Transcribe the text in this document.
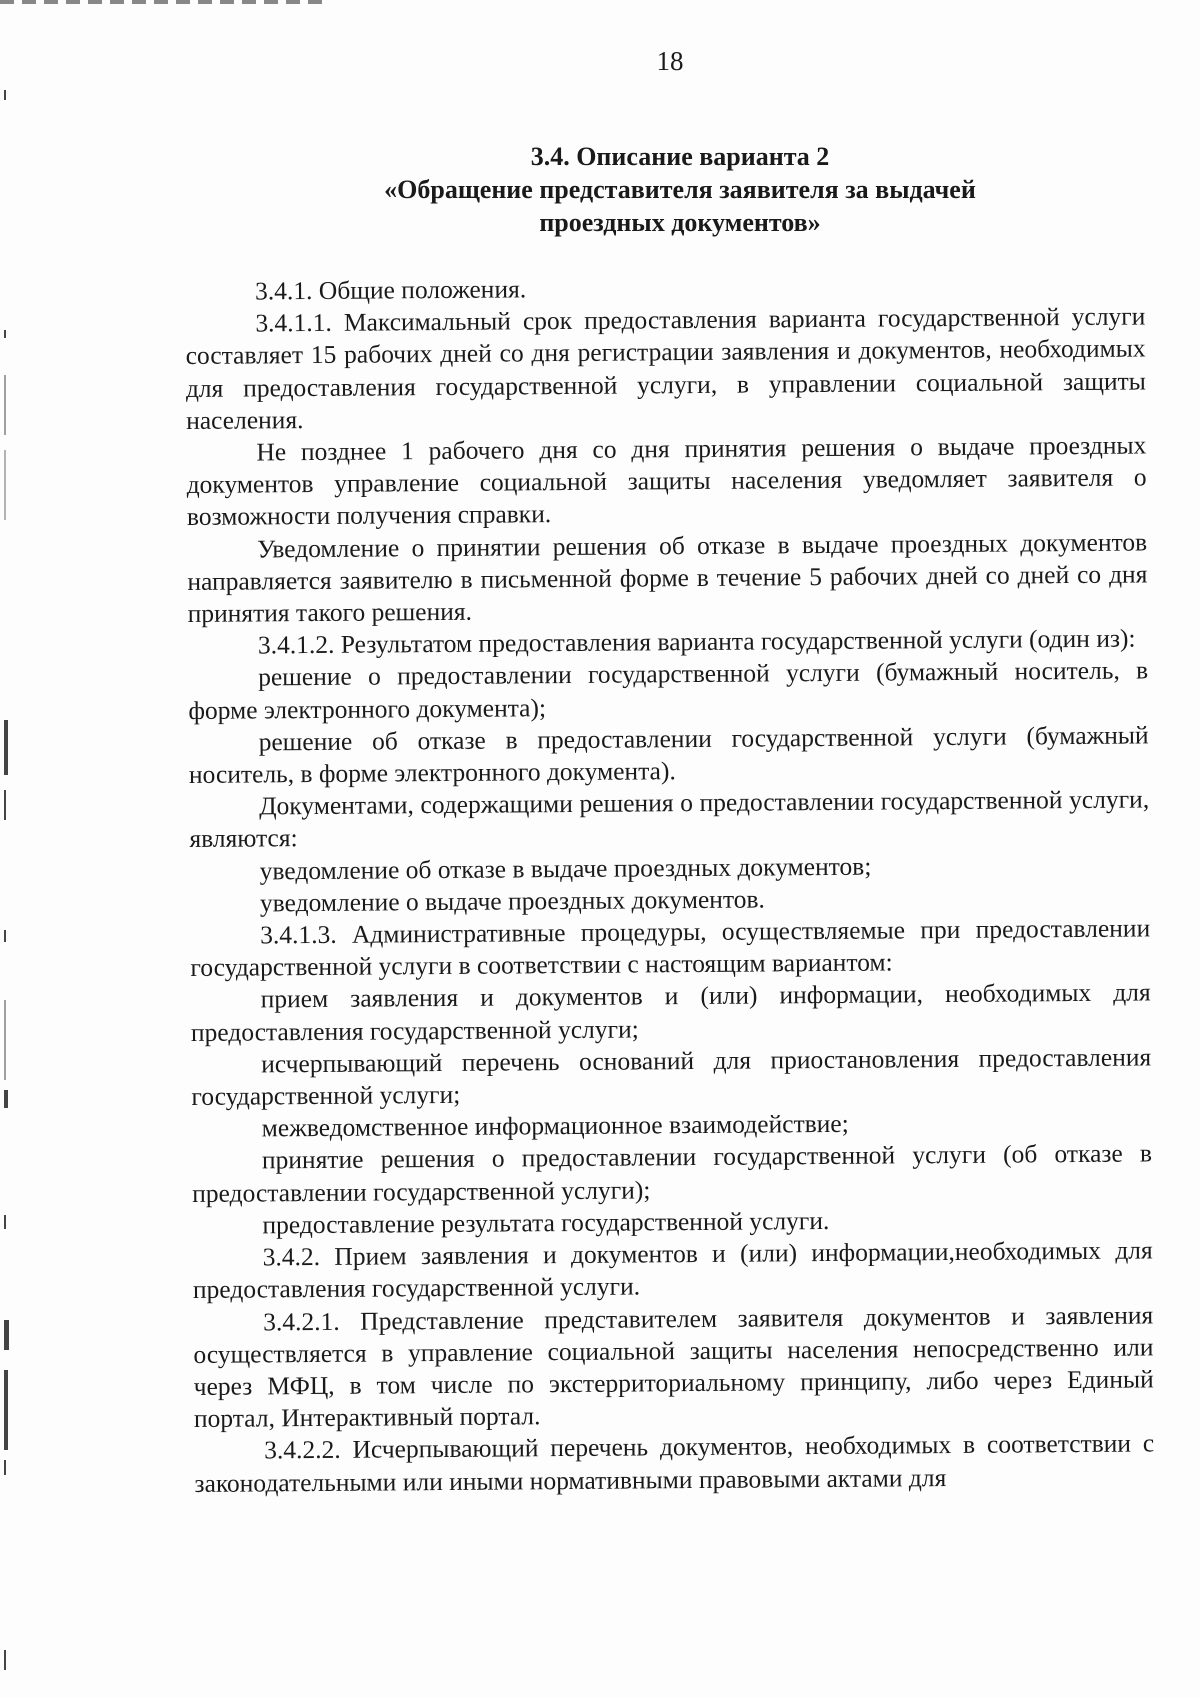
18
3.4. Описание варианта 2
«Обращение представителя заявителя за выдачей
проездных документов»

3.4.1. Общие положения.

3.4.1.1. Максимальный срок предоставления варианта государственной услуги составляет 15 рабочих дней со дня регистрации заявления и документов, необходимых для предоставления государственной услуги, в управлении социальной защиты населения.

Не позднее 1 рабочего дня со дня принятия решения о выдаче проездных документов управление социальной защиты населения уведомляет заявителя о возможности получения справки.

Уведомление о принятии решения об отказе в выдаче проездных документов направляется заявителю в письменной форме в течение 5 рабочих дней со дней со дня принятия такого решения.

3.4.1.2. Результатом предоставления варианта государственной услуги (один из):

решение о предоставлении государственной услуги (бумажный носитель, в форме электронного документа);

решение об отказе в предоставлении государственной услуги (бумажный носитель, в форме электронного документа).

Документами, содержащими решения о предоставлении государственной услуги, являются:

уведомление об отказе в выдаче проездных документов;

уведомление о выдаче проездных документов.

3.4.1.3. Административные процедуры, осуществляемые при предоставлении государственной услуги в соответствии с настоящим вариантом:

прием заявления и документов и (или) информации, необходимых для предоставления государственной услуги;

исчерпывающий перечень оснований для приостановления предоставления государственной услуги;

межведомственное информационное взаимодействие;

принятие решения о предоставлении государственной услуги (об отказе в предоставлении государственной услуги);

предоставление результата государственной услуги.

3.4.2. Прием заявления и документов и (или) информации,необходимых для предоставления государственной услуги.

3.4.2.1. Представление представителем заявителя документов и заявления осуществляется в управление социальной защиты населения непосредственно или через МФЦ, в том числе по экстерриториальному принципу, либо через Единый портал, Интерактивный портал.

3.4.2.2. Исчерпывающий перечень документов, необходимых в соответствии с законодательными или иными нормативными правовыми актами для
